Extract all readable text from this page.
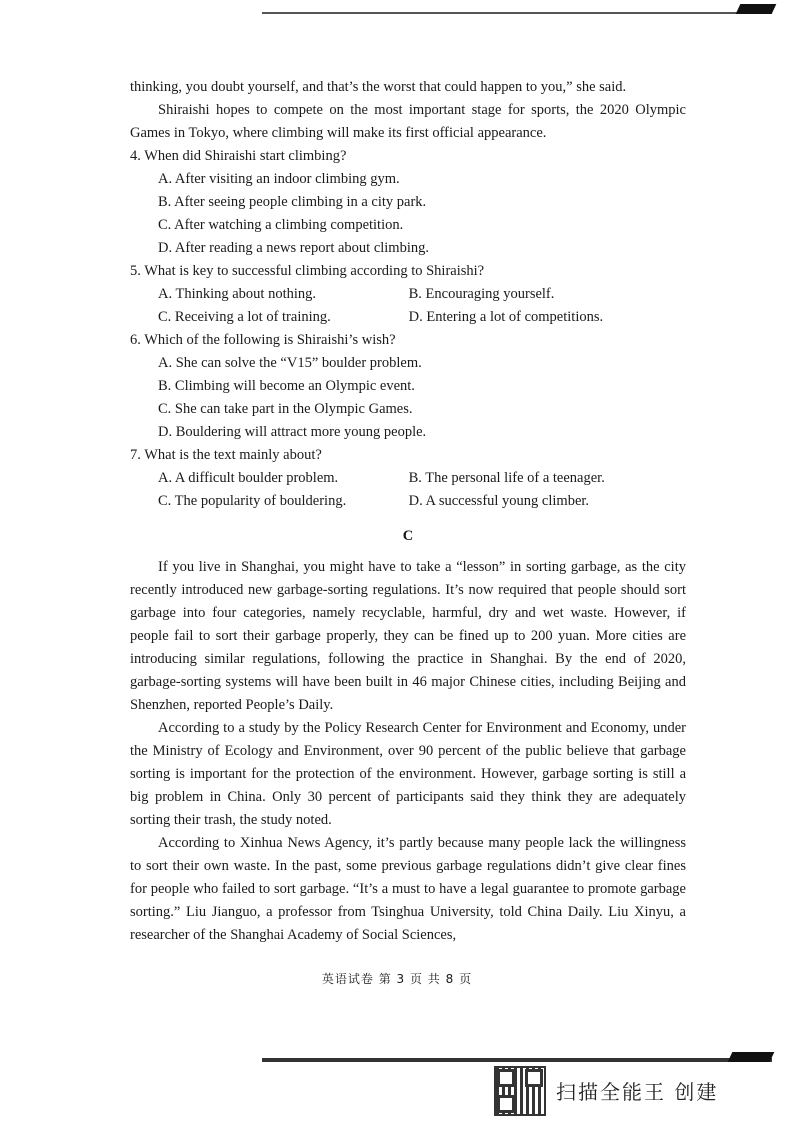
thinking, you doubt yourself, and that’s the worst that could happen to you,” she said.

Shiraishi hopes to compete on the most important stage for sports, the 2020 Olympic Games in Tokyo, where climbing will make its first official appearance.

4. When did Shiraishi start climbing?

A. After visiting an indoor climbing gym.

B. After seeing people climbing in a city park.

C. After watching a climbing competition.

D. After reading a news report about climbing.

5. What is key to successful climbing according to Shiraishi?

A. Thinking about nothing.	B. Encouraging yourself.
C. Receiving a lot of training.	D. Entering a lot of competitions.

6. Which of the following is Shiraishi’s wish?

A. She can solve the “V15” boulder problem.

B. Climbing will become an Olympic event.

C. She can take part in the Olympic Games.

D. Bouldering will attract more young people.

7. What is the text mainly about?

A. A difficult boulder problem.	B. The personal life of a teenager.
C. The popularity of bouldering.	D. A successful young climber.

C

If you live in Shanghai, you might have to take a “lesson” in sorting garbage, as the city recently introduced new garbage-sorting regulations. It’s now required that people should sort garbage into four categories, namely recyclable, harmful, dry and wet waste. However, if people fail to sort their garbage properly, they can be fined up to 200 yuan. More cities are introducing similar regulations, following the practice in Shanghai. By the end of 2020, garbage-sorting systems will have been built in 46 major Chinese cities, including Beijing and Shenzhen, reported People’s Daily.

According to a study by the Policy Research Center for Environment and Economy, under the Ministry of Ecology and Environment, over 90 percent of the public believe that garbage sorting is important for the protection of the environment. However, garbage sorting is still a big problem in China. Only 30 percent of participants said they think they are adequately sorting their trash, the study noted.

According to Xinhua News Agency, it’s partly because many people lack the willingness to sort their own waste. In the past, some previous garbage regulations didn’t give clear fines for people who failed to sort garbage. “It’s a must to have a legal guarantee to promote garbage sorting.” Liu Jianguo, a professor from Tsinghua University, told China Daily. Liu Xinyu, a researcher of the Shanghai Academy of Social Sciences,

英语试卷 第 3 页 共 8 页
扫描全能王 创建
